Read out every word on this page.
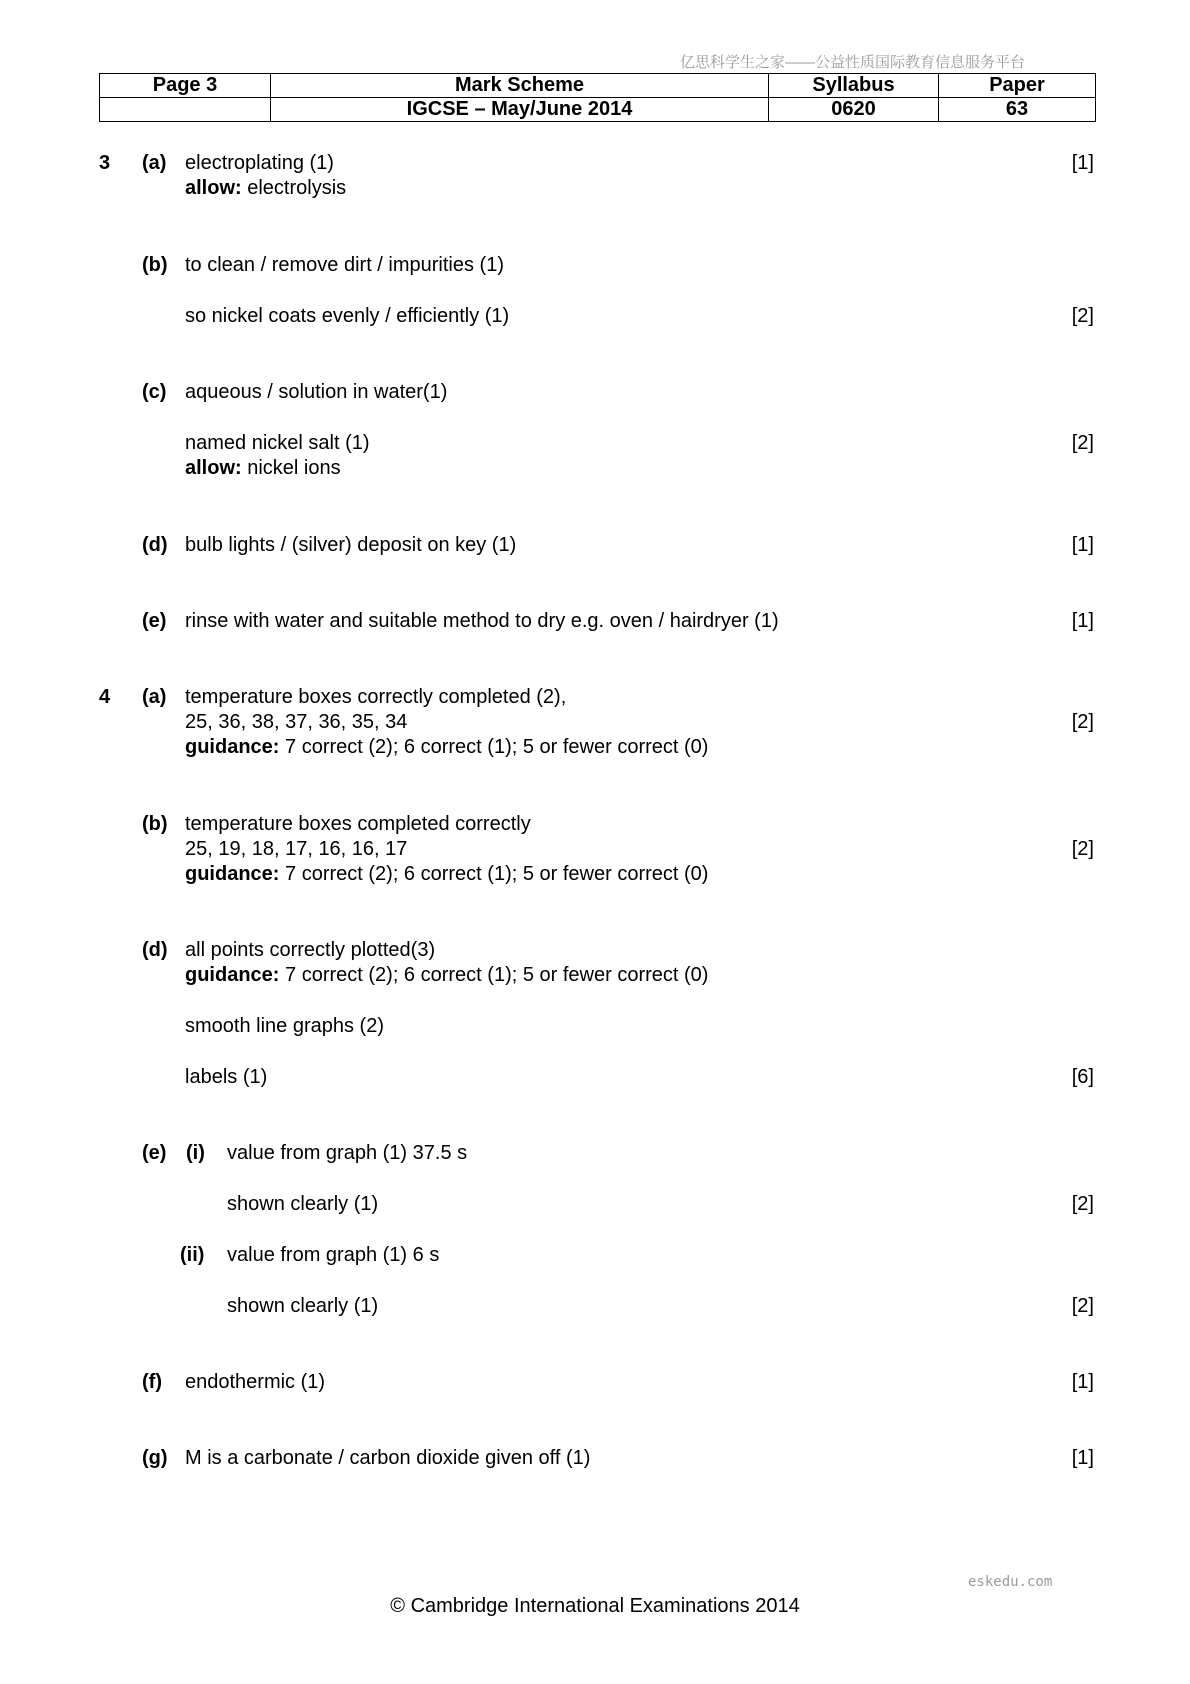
亿思科学生之家——公益性质国际教育信息服务平台
Page 3	Mark Scheme	Syllabus	Paper
	IGCSE – May/June 2014	0620	63
3 (a) electroplating (1)
allow: electrolysis
[1]
(b) to clean / remove dirt / impurities (1)
so nickel coats evenly / efficiently (1)	[2]
(c) aqueous / solution in water(1)
named nickel salt (1)
allow: nickel ions
[2]
(d) bulb lights / (silver) deposit on key (1)	[1]
(e) rinse with water and suitable method to dry e.g. oven / hairdryer (1)	[1]
4 (a) temperature boxes correctly completed (2),
25, 36, 38, 37, 36, 35, 34
guidance: 7 correct (2); 6 correct (1); 5 or fewer correct (0)
[2]
(b) temperature boxes completed correctly
25, 19, 18, 17, 16, 16, 17
guidance: 7 correct (2); 6 correct (1); 5 or fewer correct (0)
[2]
(d) all points correctly plotted(3)
guidance: 7 correct (2); 6 correct (1); 5 or fewer correct (0)
smooth line graphs (2)
labels (1)	[6]
(e) (i) value from graph (1) 37.5 s
shown clearly (1)	[2]
(ii) value from graph (1) 6 s
shown clearly (1)	[2]
(f) endothermic (1)	[1]
(g) M is a carbonate / carbon dioxide given off (1)	[1]
eskedu.com
© Cambridge International Examinations 2014
